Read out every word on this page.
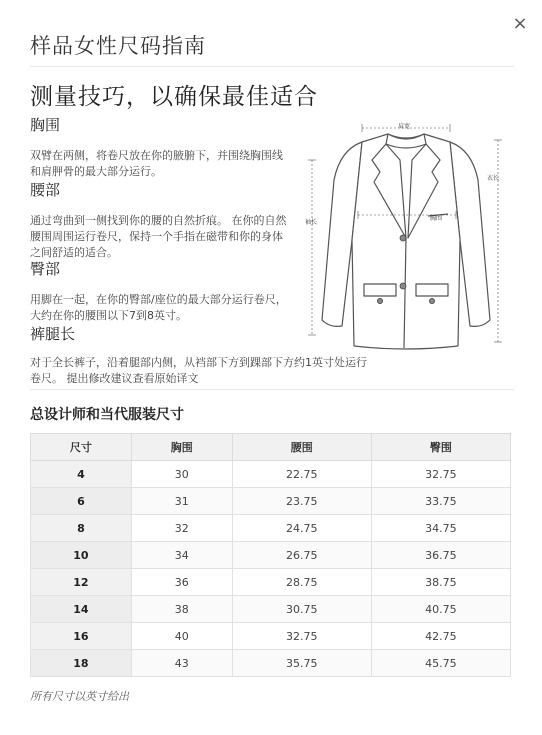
×
样品女性尺码指南
测量技巧，以确保最佳适合
胸围

双臂在两侧，将卷尺放在你的腋腑下，并围绕胸围线和肩胛骨的最大部分运行。

腰部

通过弯曲到一侧找到你的腰的自然折痕。 在你的自然腰围周围运行卷尺，保持一个手指在磁带和你的身体之间舒适的适合。

臀部

用脚在一起，在你的臀部/座位的最大部分运行卷尺，大约在你的腰围以下7到8英寸。

裤腿长

对于全长裤子，沿着腿部内侧，从裆部下方到踝部下方约1英寸处运行卷尺。 提出修改建议查看原始译文

肩宽
衣长
袖长
胸围
总设计师和当代服装尺寸
尺寸	胸围	腰围	臀围
4	30	22.75	32.75
6	31	23.75	33.75
8	32	24.75	34.75
10	34	26.75	36.75
12	36	28.75	38.75
14	38	30.75	40.75
16	40	32.75	42.75
18	43	35.75	45.75
所有尺寸以英寸给出
